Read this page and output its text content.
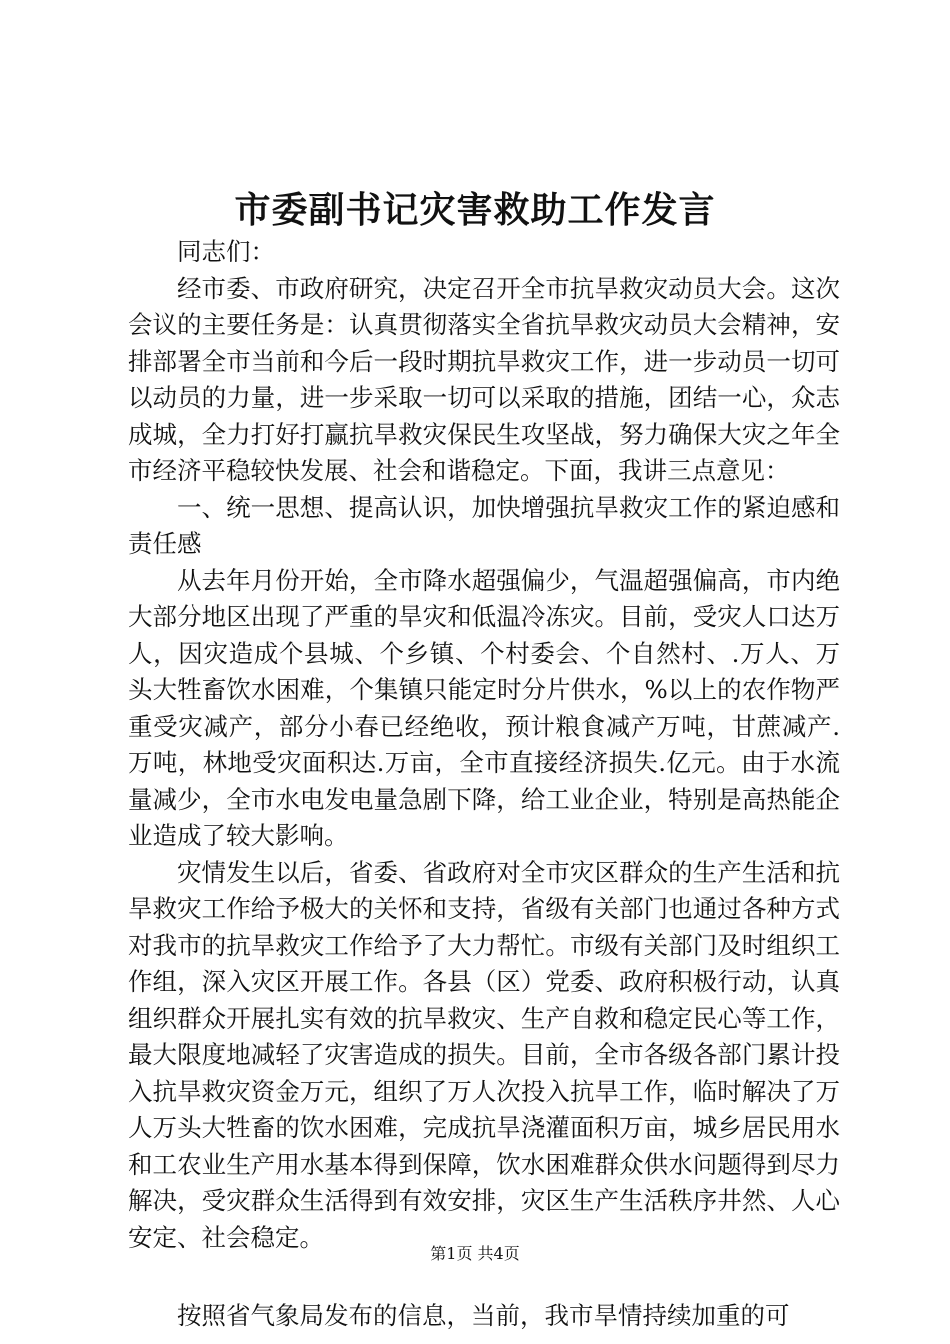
市委副书记灾害救助工作发言

同志们：

经市委、市政府研究，决定召开全市抗旱救灾动员大会。这次会议的主要任务是：认真贯彻落实全省抗旱救灾动员大会精神，安排部署全市当前和今后一段时期抗旱救灾工作，进一步动员一切可以动员的力量，进一步采取一切可以采取的措施，团结一心，众志成城，全力打好打赢抗旱救灾保民生攻坚战，努力确保大灾之年全市经济平稳较快发展、社会和谐稳定。下面，我讲三点意见：

一、统一思想、提高认识，加快增强抗旱救灾工作的紧迫感和责任感

从去年月份开始，全市降水超强偏少，气温超强偏高，市内绝大部分地区出现了严重的旱灾和低温冷冻灾。目前，受灾人口达万人，因灾造成个县城、个乡镇、个村委会、个自然村、.万人、万头大牲畜饮水困难，个集镇只能定时分片供水，%以上的农作物严重受灾减产，部分小春已经绝收，预计粮食减产万吨，甘蔗减产.万吨，林地受灾面积达.万亩，全市直接经济损失.亿元。由于水流量减少，全市水电发电量急剧下降，给工业企业，特别是高热能企业造成了较大影响。

灾情发生以后，省委、省政府对全市灾区群众的生产生活和抗旱救灾工作给予极大的关怀和支持，省级有关部门也通过各种方式对我市的抗旱救灾工作给予了大力帮忙。市级有关部门及时组织工作组，深入灾区开展工作。各县（区）党委、政府积极行动，认真组织群众开展扎实有效的抗旱救灾、生产自救和稳定民心等工作，最大限度地减轻了灾害造成的损失。目前，全市各级各部门累计投入抗旱救灾资金万元，组织了万人次投入抗旱工作，临时解决了万人万头大牲畜的饮水困难，完成抗旱浇灌面积万亩，城乡居民用水和工农业生产用水基本得到保障，饮水困难群众供水问题得到尽力解决，受灾群众生活得到有效安排，灾区生产生活秩序井然、人心安定、社会稳定。

按照省气象局发布的信息，当前，我市旱情持续加重的可

第1页 共4页
